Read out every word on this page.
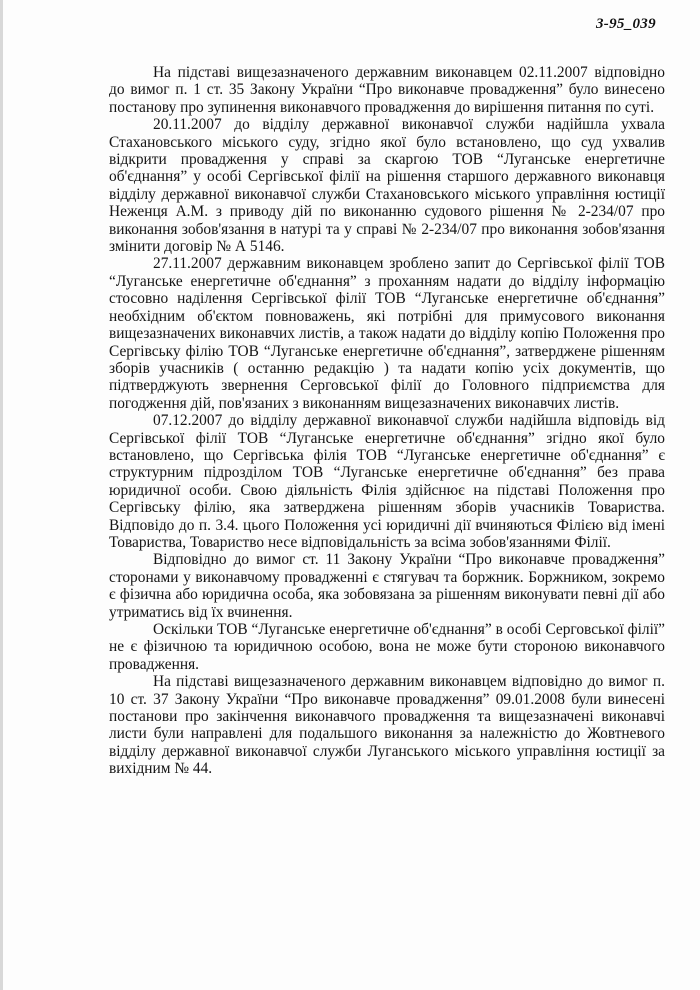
3-95_039

На підставі вищезазначеного державним виконавцем 02.11.2007 відповідно до вимог п. 1 ст. 35 Закону України “Про виконавче провадження” було винесено постанову про зупинення виконавчого провадження до вирішення питання по суті.

20.11.2007 до відділу державної виконавчої служби надійшла ухвала Стахановського міського суду, згідно якої було встановлено, що суд ухвалив відкрити провадження у справі за скаргою ТОВ “Луганське енергетичне об'єднання” у особі Сергівської філії на рішення старшого державного виконавця відділу державної виконавчої служби Стахановського міського управління юстиції Неженця А.М. з приводу дій по виконанню судового рішення № 2-234/07 про виконання зобов'язання в натурі та у справі № 2-234/07 про виконання зобов'язання змінити договір № А 5146.

27.11.2007 державним виконавцем зроблено запит до Сергівської філії ТОВ “Луганське енергетичне об'єднання” з проханням надати до відділу інформацію стосовно наділення Сергівської філії ТОВ “Луганське енергетичне об'єднання” необхідним об'єктом повноважень, які потрібні для примусового виконання вищезазначених виконавчих листів, а також надати до відділу копію Положення про Сергівську філію ТОВ “Луганське енергетичне об'єднання”, затверджене рішенням зборів учасників ( останню редакцію ) та надати копію усіх документів, що підтверджують звернення Серговської філії до Головного підприємства для погодження дій, пов'язаних з виконанням вищезазначених виконавчих листів.

07.12.2007 до відділу державної виконавчої служби надійшла відповідь від Сергівської філії ТОВ “Луганське енергетичне об'єднання” згідно якої було встановлено, що Сергівська філія ТОВ “Луганське енергетичне об'єднання” є структурним підрозділом ТОВ “Луганське енергетичне об'єднання” без права юридичної особи. Свою діяльність Філія здійснює на підставі Положення про Сергівську філію, яка затверджена рішенням зборів учасників Товариства. Відповідо до п. 3.4. цього Положення усі юридичні дії вчиняються Філією від імені Товариства, Товариство несе відповідальність за всіма зобов'язаннями Філії.

Відповідно до вимог ст. 11 Закону України “Про виконавче провадження” сторонами у виконавчому провадженні є стягувач та боржник. Боржником, зокремо є фізична або юридична особа, яка зобовязана за рішенням виконувати певні дії або утриматись від їх вчинення.

Оскільки ТОВ “Луганське енергетичне об'єднання” в особі Серговської філії” не є фізичною та юридичною особою, вона не може бути стороною виконавчого провадження.

На підставі вищезазначеного державним виконавцем відповідно до вимог п. 10 ст. 37 Закону України “Про виконавче провадження” 09.01.2008 були винесені постанови про закінчення виконавчого провадження та вищезазначені виконавчі листи були направлені для подальшого виконання за належністю до Жовтневого відділу державної виконавчої служби Луганського міського управління юстиції за вихідним № 44.
